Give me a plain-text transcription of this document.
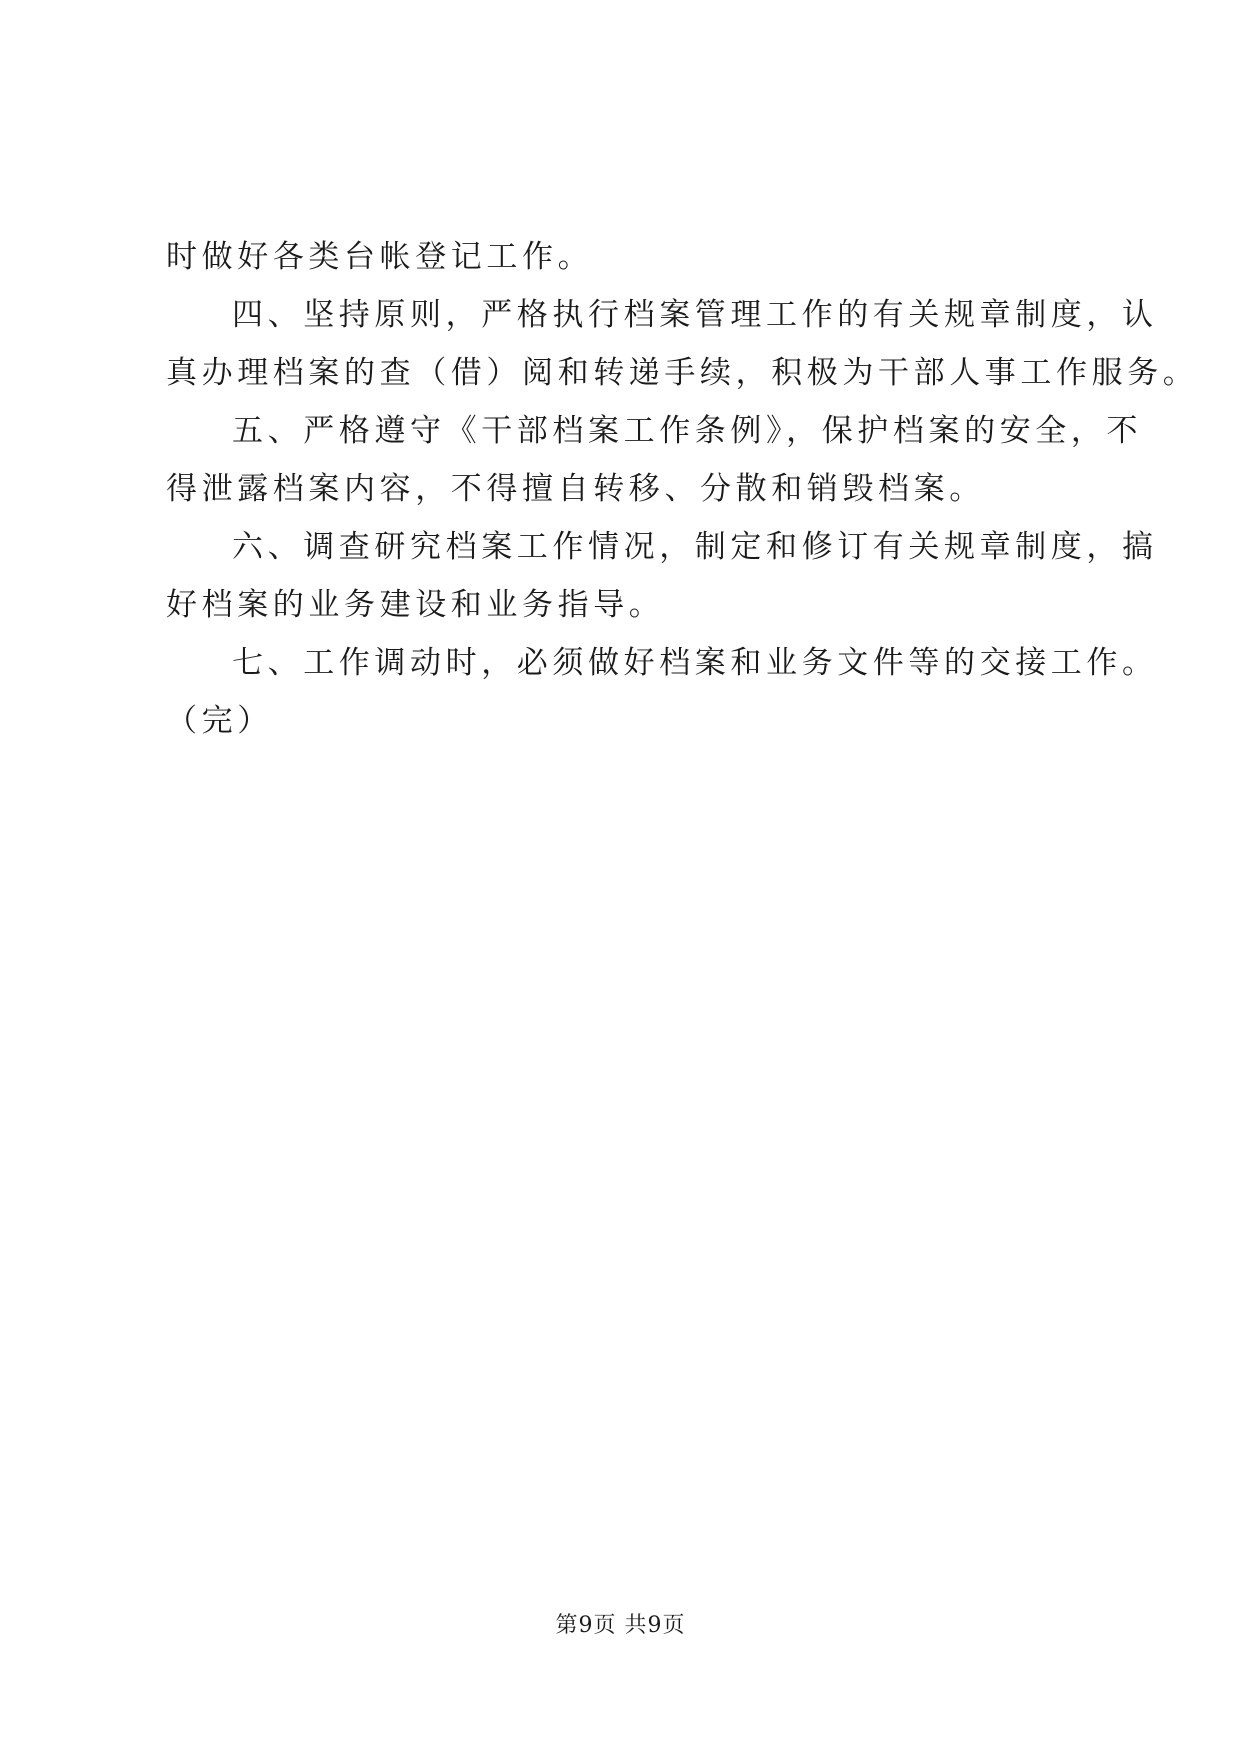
时做好各类台帐登记工作。
四、坚持原则，严格执行档案管理工作的有关规章制度，认
真办理档案的查（借）阅和转递手续，积极为干部人事工作服务。
五、严格遵守《干部档案工作条例》，保护档案的安全，不
得泄露档案内容，不得擅自转移、分散和销毁档案。
六、调查研究档案工作情况，制定和修订有关规章制度，搞
好档案的业务建设和业务指导。
七、工作调动时，必须做好档案和业务文件等的交接工作。
（完）
第9页 共9页
